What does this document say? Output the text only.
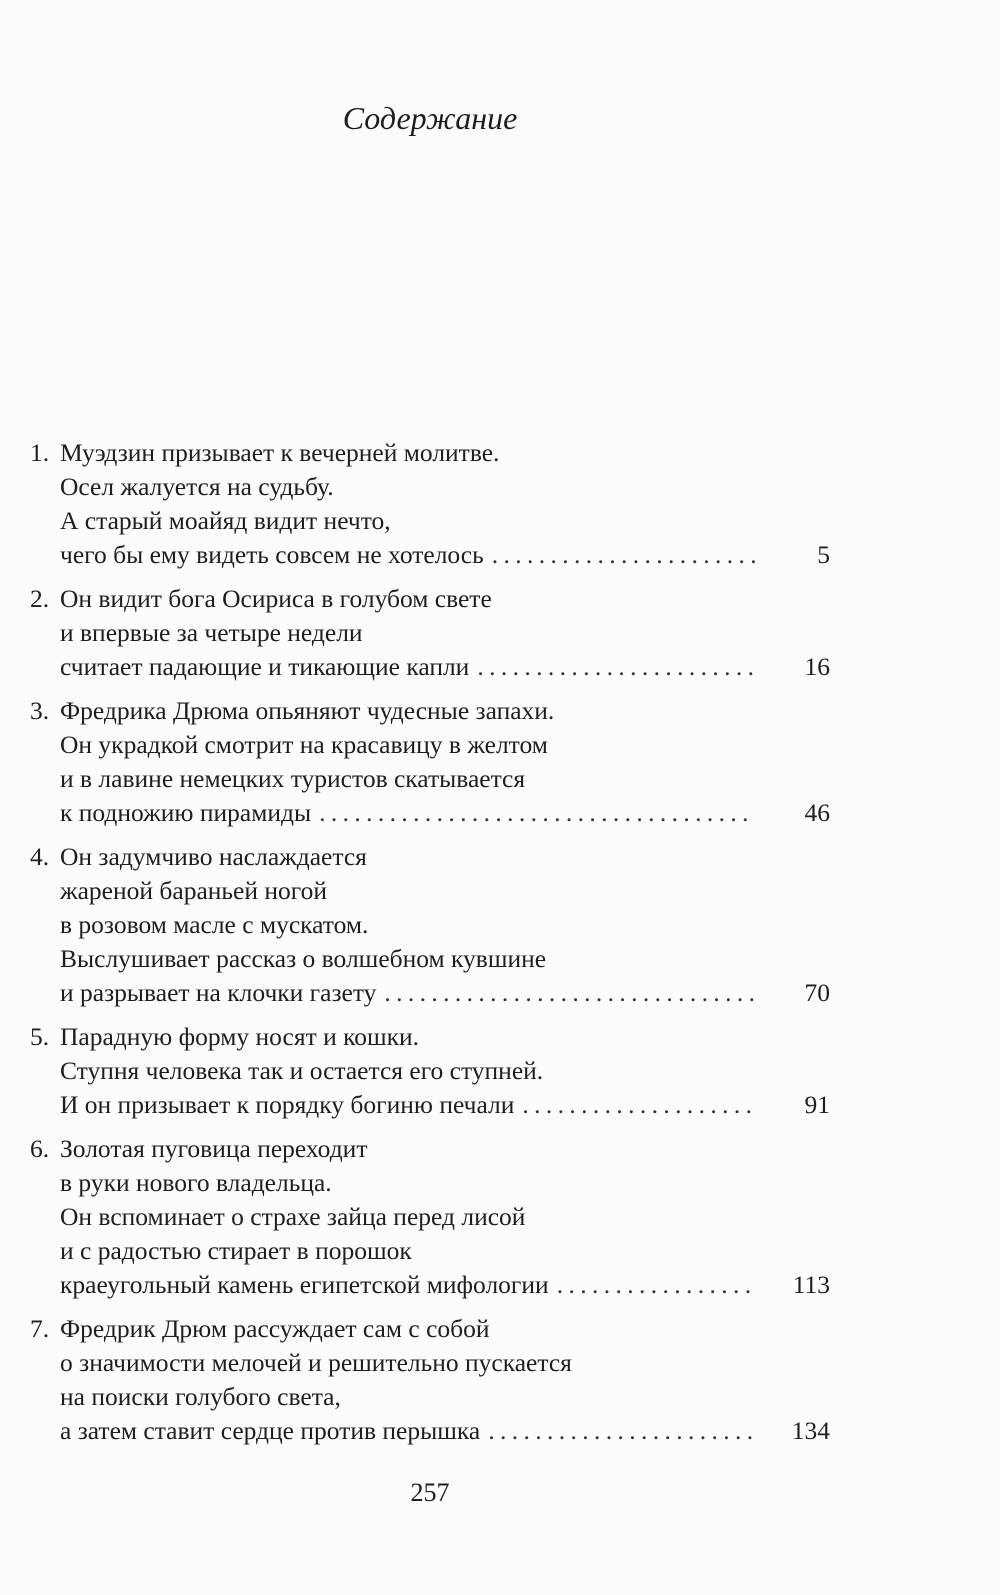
Содержание
1. Муэдзин призывает к вечерней молитве.
Осел жалуется на судьбу.
А старый моайяд видит нечто,
чего бы ему видеть совсем не хотелось . . .	5
2. Он видит бога Осириса в голубом свете
и впервые за четыре недели
считает падающие и тикающие капли . . .	16
3. Фредрика Дрюма опьяняют чудесные запахи.
Он украдкой смотрит на красавицу в желтом
и в лавине немецких туристов скатывается
к подножию пирамиды . . .	46
4. Он задумчиво наслаждается
жареной бараньей ногой
в розовом масле с мускатом.
Выслушивает рассказ о волшебном кувшине
и разрывает на клочки газету . . .	70
5. Парадную форму носят и кошки.
Ступня человека так и остается его ступней.
И он призывает к порядку богиню печали . . .	91
6. Золотая пуговица переходит
в руки нового владельца.
Он вспоминает о страхе зайца перед лисой
и с радостью стирает в порошок
краеугольный камень египетской мифологии . . .	113
7. Фредрик Дрюм рассуждает сам с собой
о значимости мелочей и решительно пускается
на поиски голубого света,
а затем ставит сердце против перышка . . .	134
257
